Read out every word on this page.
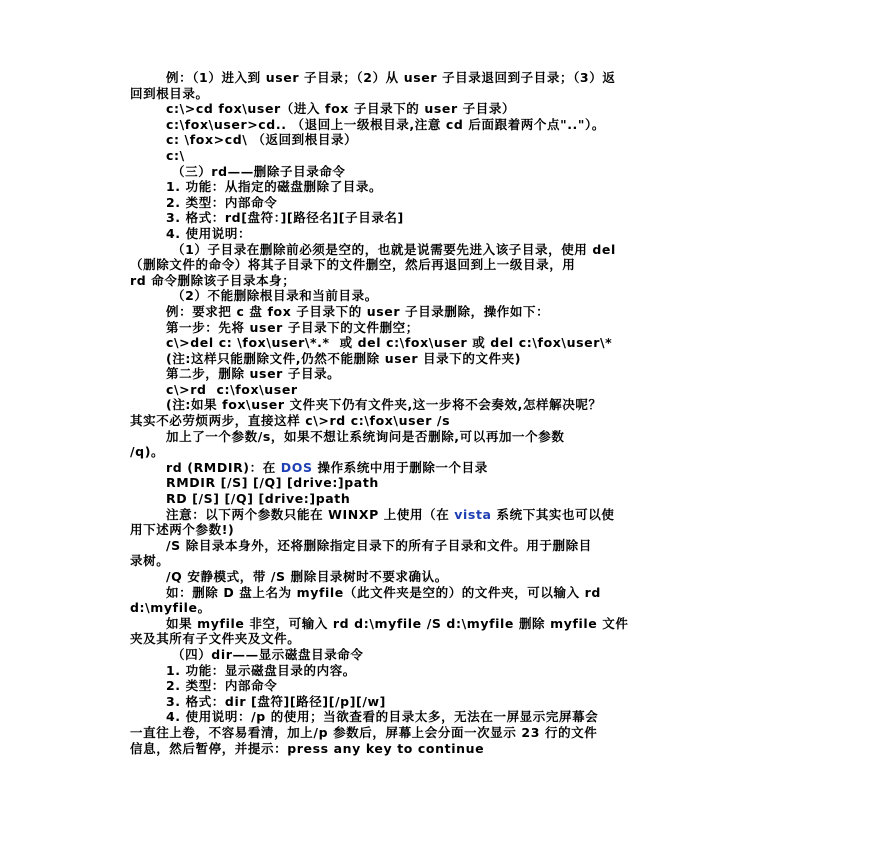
例：（1）进入到 user 子目录；（2）从 user 子目录退回到子目录；（3）返
回到根目录。
c:\>cd fox\user（进入 fox 子目录下的 user 子目录）
c:\fox\user>cd.. （退回上一级根目录,注意 cd 后面跟着两个点".."）。
c: \fox>cd\ （返回到根目录）
c:\
（三）rd——删除子目录命令
1. 功能：从指定的磁盘删除了目录。
2. 类型：内部命令
3. 格式：rd[盘符：][路径名][子目录名]
4. 使用说明：
（1）子目录在删除前必须是空的，也就是说需要先进入该子目录，使用 del
（删除文件的命令）将其子目录下的文件删空，然后再退回到上一级目录，用
rd 命令删除该子目录本身；
（2）不能删除根目录和当前目录。
例：要求把 c 盘 fox 子目录下的 user 子目录删除，操作如下：
第一步：先将 user 子目录下的文件删空；
c\>del c: \fox\user\*.*  或 del c:\fox\user 或 del c:\fox\user\*
(注:这样只能删除文件,仍然不能删除 user 目录下的文件夹)
第二步，删除 user 子目录。
c\>rd  c:\fox\user
(注:如果 fox\user 文件夹下仍有文件夹,这一步将不会奏效,怎样解决呢？
其实不必劳烦两步，直接这样 c\>rd c:\fox\user /s
加上了一个参数/s，如果不想让系统询问是否删除,可以再加一个参数
/q)。
rd (RMDIR)：在 DOS 操作系统中用于删除一个目录
RMDIR [/S] [/Q] [drive:]path
RD [/S] [/Q] [drive:]path
注意：以下两个参数只能在 WINXP 上使用（在 vista 系统下其实也可以使
用下述两个参数!)
/S 除目录本身外，还将删除指定目录下的所有子目录和文件。用于删除目
录树。
/Q 安静模式，带 /S 删除目录树时不要求确认。
如：删除 D 盘上名为 myfile（此文件夹是空的）的文件夹，可以输入 rd
d:\myfile。
如果 myfile 非空，可输入 rd d:\myfile /S d:\myfile 删除 myfile 文件
夹及其所有子文件夹及文件。
（四）dir——显示磁盘目录命令
1. 功能：显示磁盘目录的内容。
2. 类型：内部命令
3. 格式：dir [盘符][路径][/p][/w]
4. 使用说明：/p 的使用；当欲查看的目录太多，无法在一屏显示完屏幕会
一直往上卷，不容易看清，加上/p 参数后，屏幕上会分面一次显示 23 行的文件
信息，然后暂停，并提示：press any key to continue
